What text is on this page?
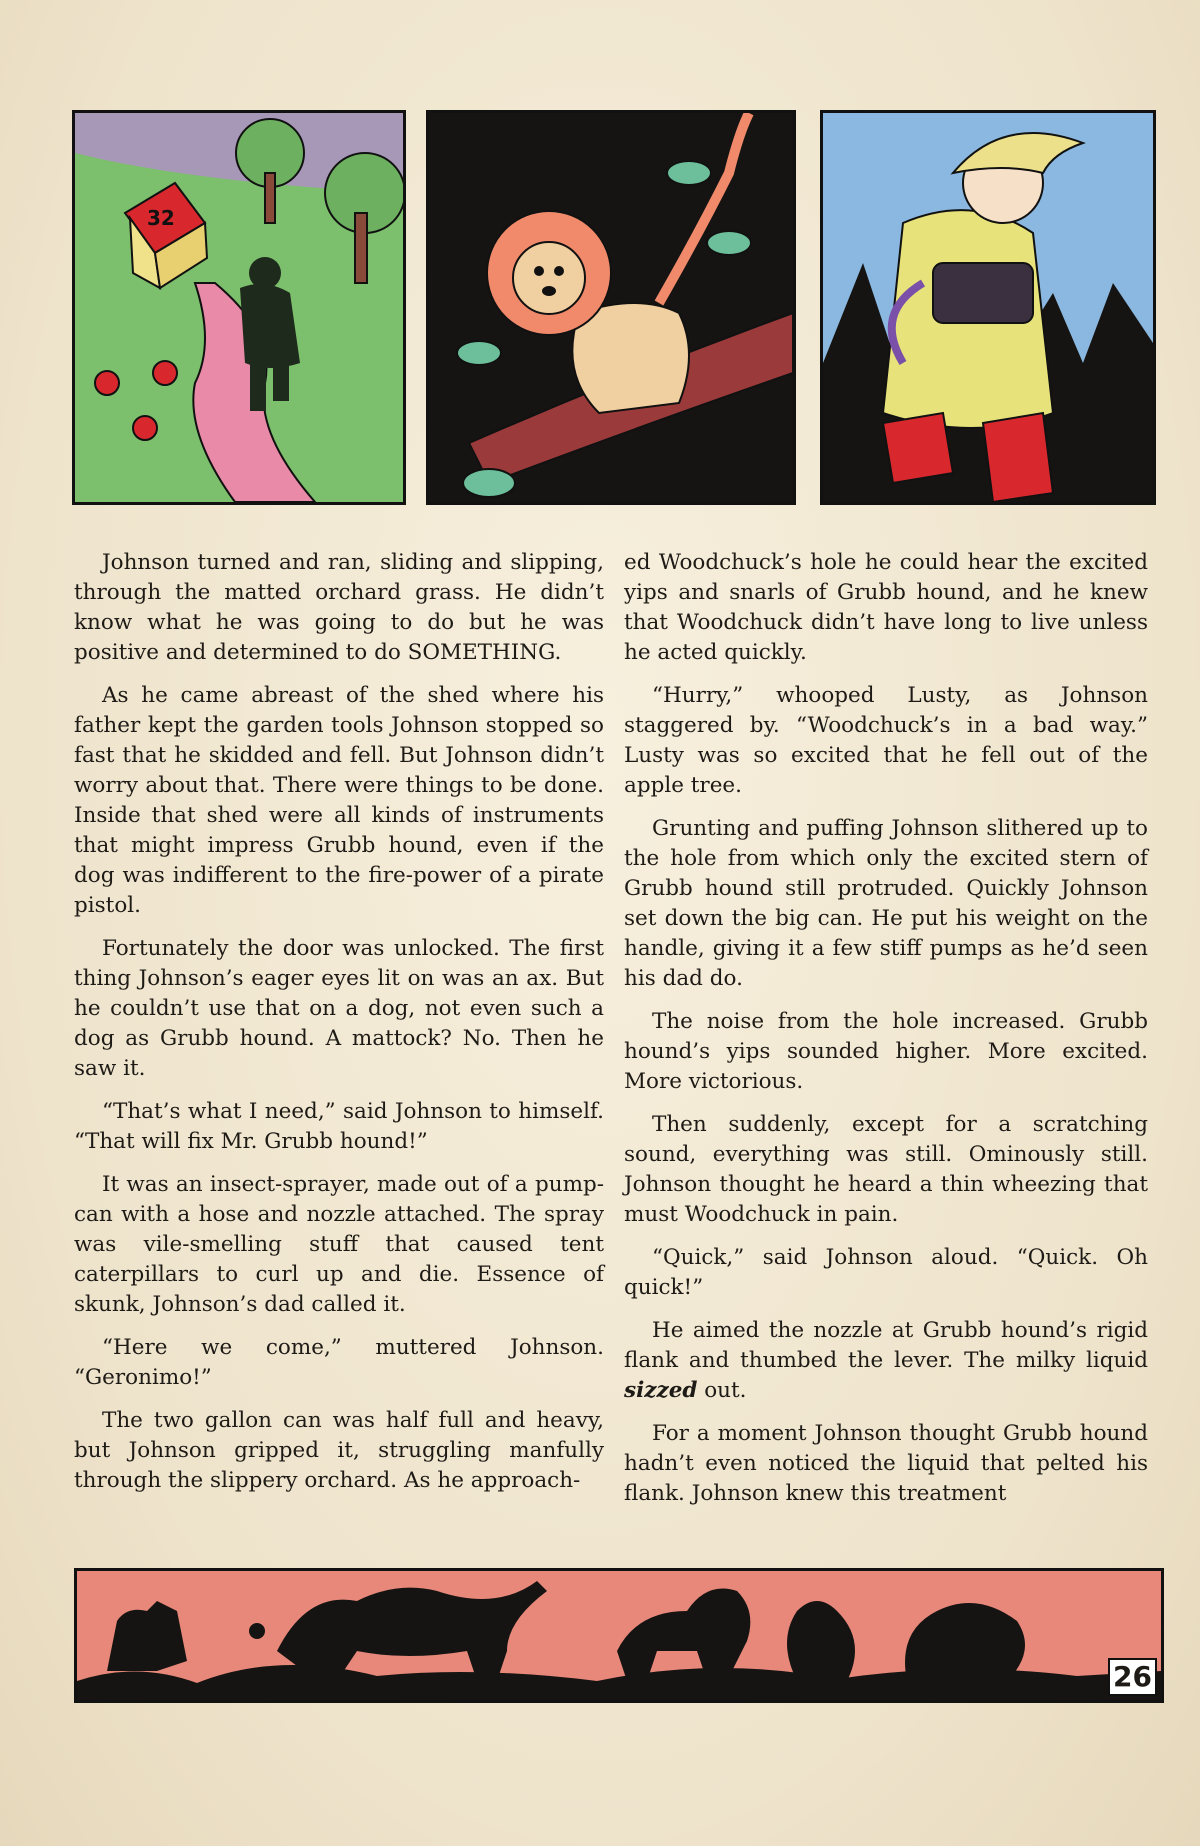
32

Johnson turned and ran, sliding and slipping, through the matted orchard grass. He didn’t know what he was going to do but he was positive and determined to do SOMETHING.

As he came abreast of the shed where his father kept the garden tools Johnson stopped so fast that he skidded and fell. But Johnson didn’t worry about that. There were things to be done. Inside that shed were all kinds of instruments that might impress Grubb hound, even if the dog was indifferent to the fire-power of a pirate pistol.

Fortunately the door was unlocked. The first thing Johnson’s eager eyes lit on was an ax. But he couldn’t use that on a dog, not even such a dog as Grubb hound. A mattock? No. Then he saw it.

“That’s what I need,” said Johnson to himself. “That will fix Mr. Grubb hound!”

It was an insect-sprayer, made out of a pump-can with a hose and nozzle attached. The spray was vile-smelling stuff that caused tent caterpillars to curl up and die. Essence of skunk, Johnson’s dad called it.

“Here we come,” muttered Johnson. “Geronimo!”

The two gallon can was half full and heavy, but Johnson gripped it, struggling manfully through the slippery orchard. As he approach-

ed Woodchuck’s hole he could hear the excited yips and snarls of Grubb hound, and he knew that Woodchuck didn’t have long to live unless he acted quickly.

“Hurry,” whooped Lusty, as Johnson staggered by. “Woodchuck’s in a bad way.” Lusty was so excited that he fell out of the apple tree.

Grunting and puffing Johnson slithered up to the hole from which only the excited stern of Grubb hound still protruded. Quickly Johnson set down the big can. He put his weight on the handle, giving it a few stiff pumps as he’d seen his dad do.

The noise from the hole increased. Grubb hound’s yips sounded higher. More excited. More victorious.

Then suddenly, except for a scratching sound, everything was still. Ominously still. Johnson thought he heard a thin wheezing that must Woodchuck in pain.

“Quick,” said Johnson aloud. “Quick. Oh quick!”

He aimed the nozzle at Grubb hound’s rigid flank and thumbed the lever. The milky liquid sizzed out.

For a moment Johnson thought Grubb hound hadn’t even noticed the liquid that pelted his flank. Johnson knew this treatment

26
